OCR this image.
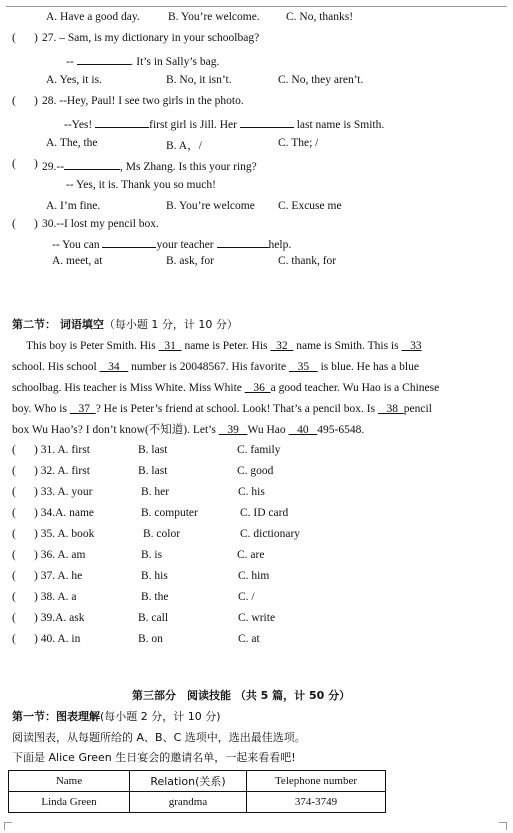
A. Have a good day. B. You’re welcome. C. No, thanks!
( ) 27. – Sam, is my dictionary in your schoolbag?
--	. It’s in Sally’s bag.
A. Yes, it is.	B. No, it isn’t.	C. No, they aren’t.
( ) 28. --Hey, Paul! I see two girls in the photo.
--Yes!	first girl is Jill. Her	last name is Smith.
A. The, the	B. A，/	C. The; /
( ) 29.--	, Ms Zhang. Is this your ring?
-- Yes, it is. Thank you so much!
A. I’m fine.	B. You’re welcome C. Excuse me
( ) 30.--I lost my pencil box.
-- You can	your teacher	help.
A. meet, at	B. ask, for	C. thank, for
第二节： 词语填空（每小题 1 分，计 10 分）
This boy is Peter Smith. His 31 name is Peter. His 32 name is Smith. This is 33
school. His school 34 number is 20048567. His favorite 35 is blue. He has a blue
schoolbag. His teacher is Miss White. Miss White 36 a good teacher. Wu Hao is a Chinese
boy. Who is 37 ? He is Peter’s friend at school. Look! That’s a pencil box. Is 38 pencil
box Wu Hao’s? I don’t know(不知道). Let’s 39 Wu Hao 40 495-6548.
( ) 31. A. first	B. last	C. family
( ) 32. A. first	B. last	C. good
( ) 33. A. your	B. her	C. his
( ) 34.A. name	B. computer	C. ID card
( ) 35. A. book	B. color	C. dictionary
( ) 36. A. am	B. is	C. are
( ) 37. A. he	B. his	C. him
( ) 38. A. a	B. the	C. /
( ) 39.A. ask	B. call	C. write
( ) 40. A. in	B. on	C. at
第三部分　阅读技能 （共 5 篇，计 50 分）
第一节：图表理解(每小题 2 分，计 10 分)
阅读图表，从每题所给的 A、B、C 选项中，选出最佳选项。
下面是 Alice Green 生日宴会的邀请名单，一起来看看吧!
Name	Relation(关系)	Telephone number
Linda Green	grandma	374-3749
